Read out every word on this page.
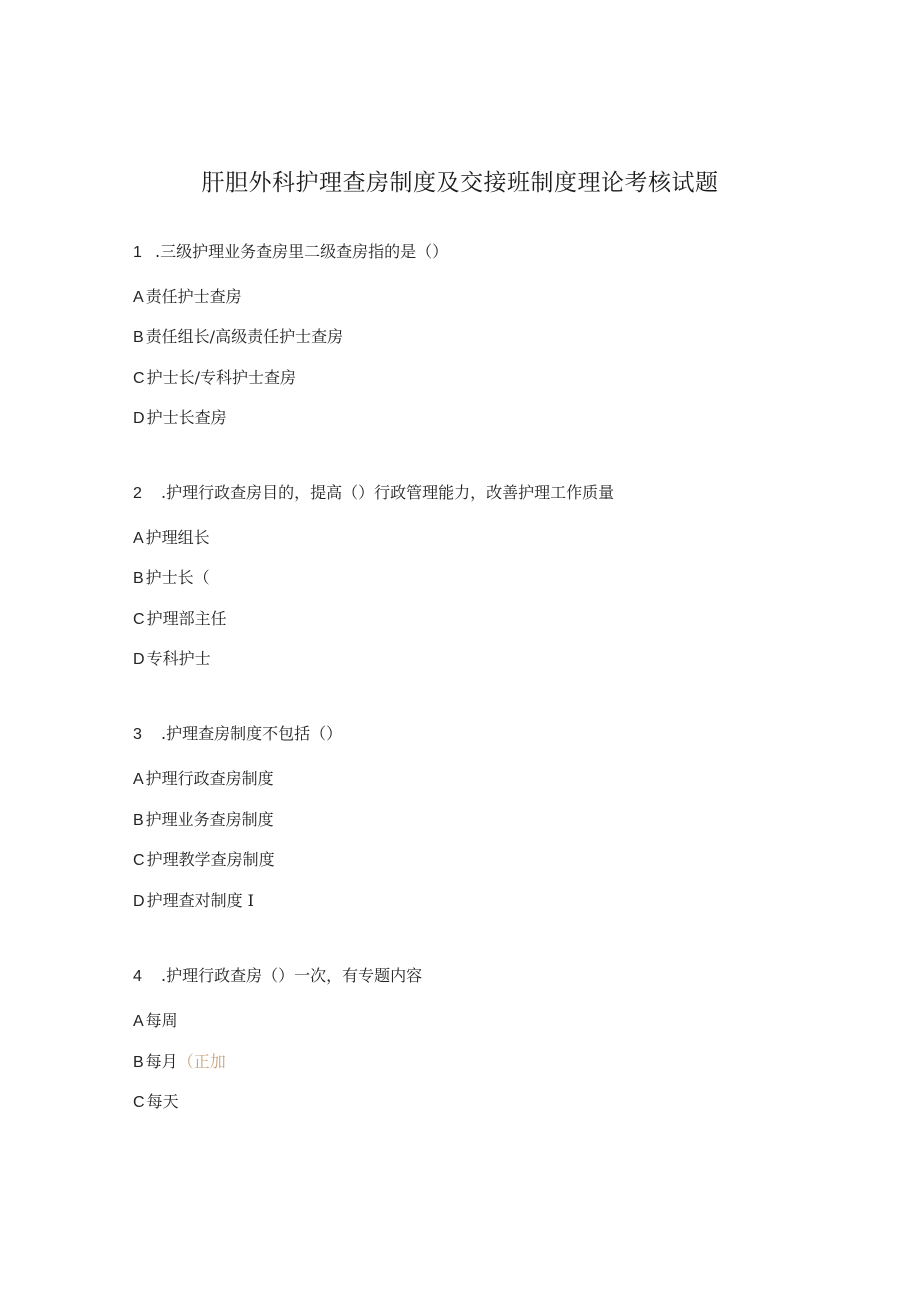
肝胆外科护理查房制度及交接班制度理论考核试题
1 .三级护理业务查房里二级查房指的是（）
A 责任护士查房
B 责任组长/高级责任护士查房
C 护士长/专科护士查房
D 护士长查房
2 .护理行政查房目的，提高（）行政管理能力，改善护理工作质量
A 护理组长
B 护士长（
C 护理部主任
D 专科护士
3 .护理查房制度不包括（）
A 护理行政查房制度
B 护理业务查房制度
C 护理教学查房制度
D 护理查对制度 I
4 .护理行政查房（）一次，有专题内容
A 每周
B 每月（正加
C 每天
